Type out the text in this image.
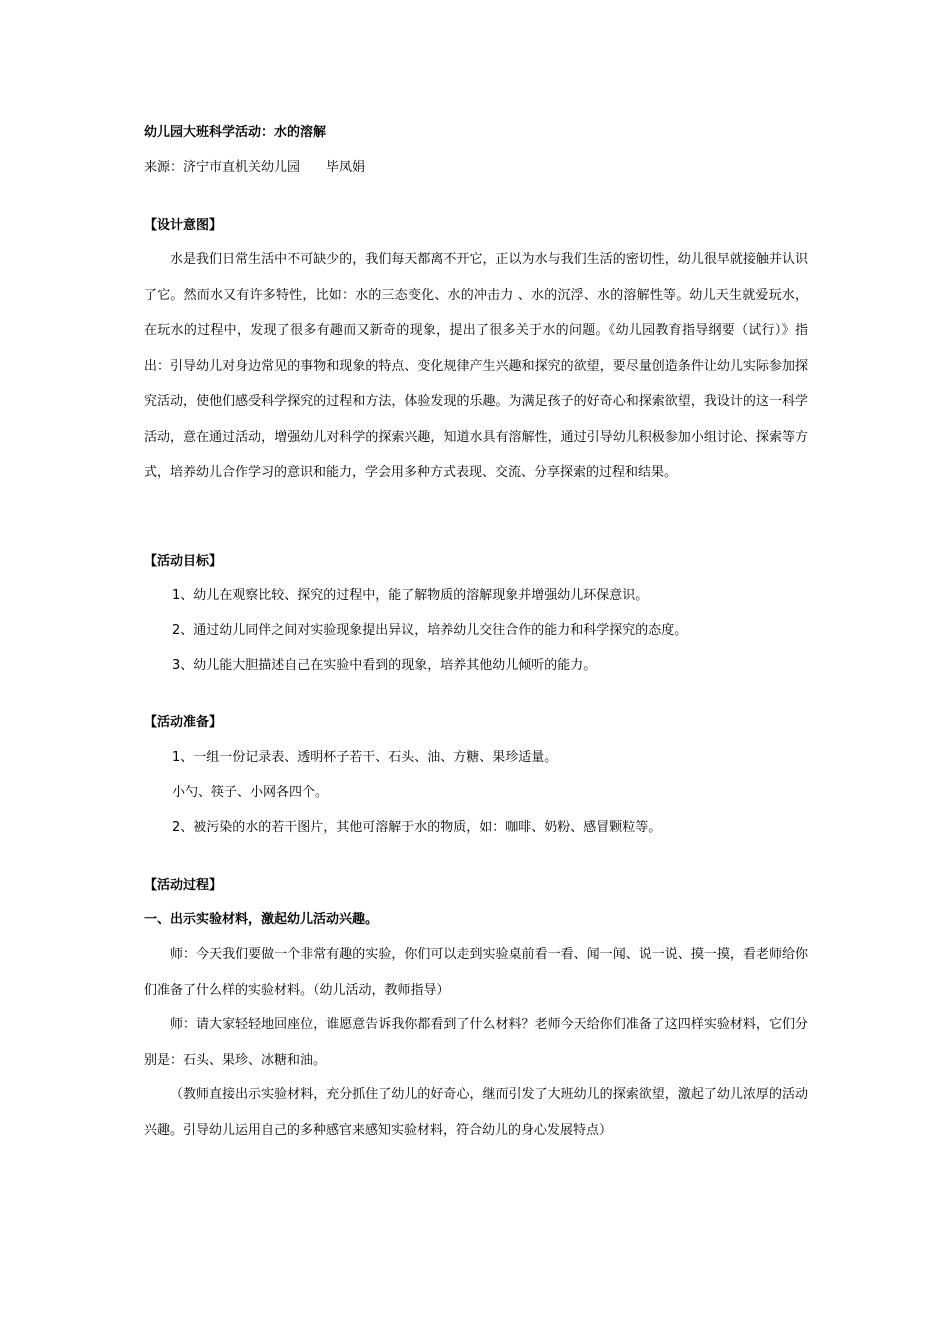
幼儿园大班科学活动：水的溶解
来源：济宁市直机关幼儿园　　毕凤娟
【设计意图】
水是我们日常生活中不可缺少的，我们每天都离不开它，正以为水与我们生活的密切性，幼儿很早就接触并认识了它。然而水又有许多特性，比如：水的三态变化、水的冲击力 、水的沉浮、水的溶解性等。幼儿天生就爱玩水，在玩水的过程中，发现了很多有趣而又新奇的现象，提出了很多关于水的问题。《幼儿园教育指导纲要（试行）》指出：引导幼儿对身边常见的事物和现象的特点、变化规律产生兴趣和探究的欲望，要尽量创造条件让幼儿实际参加探究活动，使他们感受科学探究的过程和方法，体验发现的乐趣。为满足孩子的好奇心和探索欲望，我设计的这一科学活动，意在通过活动，增强幼儿对科学的探索兴趣，知道水具有溶解性，通过引导幼儿积极参加小组讨论、探索等方式，培养幼儿合作学习的意识和能力，学会用多种方式表现、交流、分享探索的过程和结果。
【活动目标】
1、幼儿在观察比较、探究的过程中，能了解物质的溶解现象并增强幼儿环保意识。
2、通过幼儿同伴之间对实验现象提出异议，培养幼儿交往合作的能力和科学探究的态度。
3、幼儿能大胆描述自己在实验中看到的现象，培养其他幼儿倾听的能力。
【活动准备】
1、一组一份记录表、透明杯子若干、石头、油、方糖、果珍适量。
小勺、筷子、小网各四个。
2、被污染的水的若干图片，其他可溶解于水的物质，如：咖啡、奶粉、感冒颗粒等。
【活动过程】
一、出示实验材料，激起幼儿活动兴趣。
师：今天我们要做一个非常有趣的实验，你们可以走到实验桌前看一看、闻一闻、说一说、摸一摸，看老师给你们准备了什么样的实验材料。（幼儿活动，教师指导）
师：请大家轻轻地回座位，谁愿意告诉我你都看到了什么材料？老师今天给你们准备了这四样实验材料，它们分别是：石头、果珍、冰糖和油。
（教师直接出示实验材料，充分抓住了幼儿的好奇心，继而引发了大班幼儿的探索欲望，激起了幼儿浓厚的活动兴趣。引导幼儿运用自己的多种感官来感知实验材料，符合幼儿的身心发展特点）
